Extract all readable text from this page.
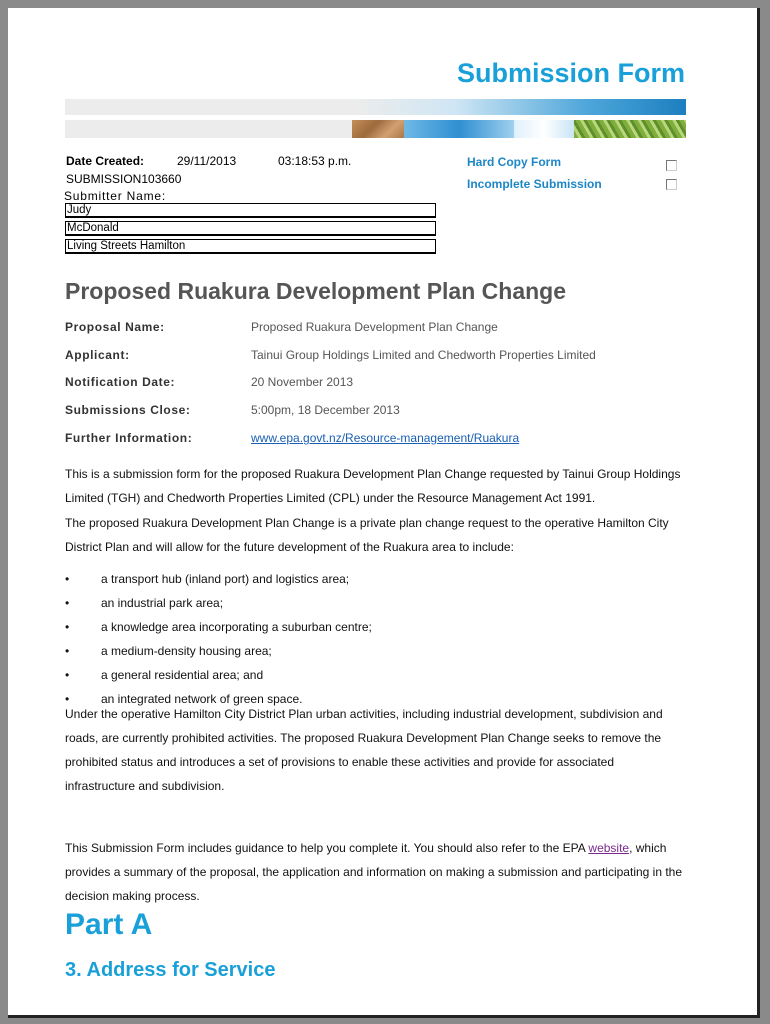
Submission Form
Date Created:	29/11/2013	03:18:53 p.m.
SUBMISSION103660
Submitter Name:
Judy
McDonald
Living Streets Hamilton
Hard Copy Form
Incomplete Submission
Proposed Ruakura Development Plan Change
Proposal Name:	Proposed Ruakura Development Plan Change
Applicant:	Tainui Group Holdings Limited and Chedworth Properties Limited
Notification Date:	20 November 2013
Submissions Close:	5:00pm, 18 December 2013
Further Information:	www.epa.govt.nz/Resource-management/Ruakura

This is a submission form for the proposed Ruakura Development Plan Change requested by Tainui Group Holdings Limited (TGH) and Chedworth Properties Limited (CPL) under the Resource Management Act 1991.

The proposed Ruakura Development Plan Change is a private plan change request to the operative Hamilton City District Plan and will allow for the future development of the Ruakura area to include:

•	a transport hub (inland port) and logistics area;
•	an industrial park area;
•	a knowledge area incorporating a suburban centre;
•	a medium-density housing area;
•	a general residential area; and
•	an integrated network of green space.

Under the operative Hamilton City District Plan urban activities, including industrial development, subdivision and roads, are currently prohibited activities. The proposed Ruakura Development Plan Change seeks to remove the prohibited status and introduces a set of provisions to enable these activities and provide for associated infrastructure and subdivision.

This Submission Form includes guidance to help you complete it. You should also refer to the EPA website, which provides a summary of the proposal, the application and information on making a submission and participating in the decision making process.

Part A
3. Address for Service
